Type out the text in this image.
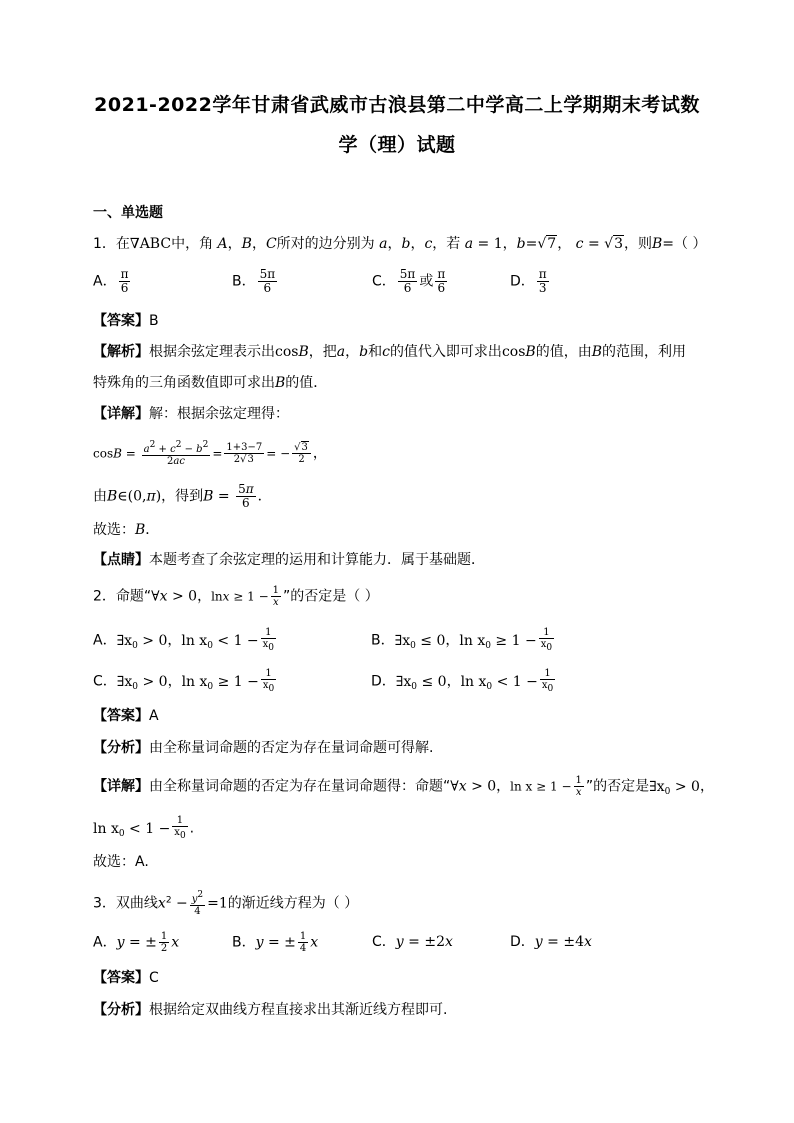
2021-2022学年甘肃省武威市古浪县第二中学高二上学期期末考试数
学（理）试题
一、单选题
1．在∇ABC中，角 A，B，C所对的边分别为 a，b，c，若 a = 1，b=√7， c = √3，则B=（ ）
A． $\frac{\pi}{6}$	B． $\frac{5\pi}{6}$	C． $\frac{5\pi}{6}$ 或 $\frac{\pi}{6}$	D． $\frac{\pi}{3}$
【答案】B
【解析】根据余弦定理表示出cosB，把a，b和c的值代入即可求出cosB的值，由B的范围，利用
特殊角的三角函数值即可求出B的值．
【详解】解：根据余弦定理得：
$\cos B = \frac{a2 + c2 - b2}{2ac} = \frac{1+3-7}{2√3}$ = − $\frac{√3}{2}$ ，
由B∈(0,π)，得到$B = \frac{5\pi}{6}$ ．
故选：B．
【点睛】本题考查了余弦定理的运用和计算能力．属于基础题．
2．命题“∀x > 0，$\ln x \ge 1 - \frac{1}{x}$ ”的否定是（ ）
A．$\exists x_0 > 0$，$\ln x_0 < 1 - \frac{1}{x0}$	B．$\exists x_0 \le 0$，$\ln x_0 \ge 1 - \frac{1}{x0}$
C．$\exists x_0 > 0$，$\ln x_0 \ge 1 - \frac{1}{x0}$	D．$\exists x_0 \le 0$，$\ln x_0 < 1 - \frac{1}{x0}$
【答案】A
【分析】由全称量词命题的否定为存在量词命题可得解.
【详解】由全称量词命题的否定为存在量词命题得：命题“∀x > 0，$\ln x \ge 1 - \frac{1}{x}$ ”的否定是$\exists x_0 > 0$，
$\ln x_0 < 1 - \frac{1}{x0}$ .
故选：A.
3．双曲线$x^2 - \frac{y2}{4} =1$的渐近线方程为（ ）
A．y = ± $\frac{1}{2}$ x	B．y = ± $\frac{1}{4}$ x	C．y = ±2x	D．y = ±4x
【答案】C
【分析】根据给定双曲线方程直接求出其渐近线方程即可.
